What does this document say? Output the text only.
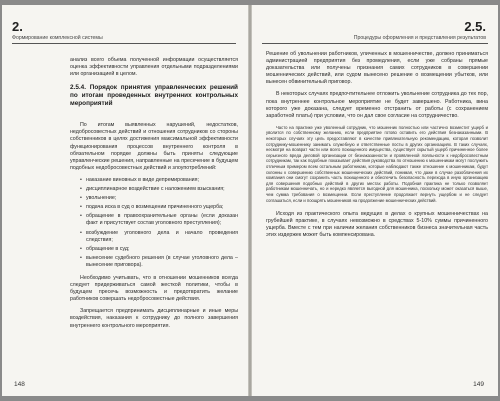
2.
Формирование комплексной системы

анализ всего объема полученной информации осуществляется оценка эффективности управления отдельными подразделениями или организацией в целом.

2.5.4. Порядок принятия управленческих решений по итогам проведенных внутренних контрольных мероприятий

По итогам выявленных нарушений, недостатков, недобросовестных действий и отношения сотрудников со стороны собственников в целях достижения максимальной эффективности функционирования процессов внутреннего контроля в обязательном порядке должны быть приняты следующие управленческие решения, направленные на пресечение в будущем подобных недобросовестных действий и злоупотреблений:

• наказание виновных в виде депремирования;
• дисциплинарное воздействие с наложением взыскания;
• увольнение;
• подача иска в суд о возмещении причиненного ущерба;
• обращение в правоохранительные органы (если доказан факт и присутствует состав уголовного преступления);
• возбуждение уголовного дела и начало проведения следствия;
• обращение в суд;
• вынесение судебного решения (в случае уголовного дела – вынесение приговора).

Необходимо учитывать, что в отношении мошенников всегда следует придерживаться самой жесткой политики, чтобы в будущем пресечь возможность и предотвратить желание работников совершать недобросовестные действия.

Запрещается предпринимать дисциплинарные и иные меры воздействия, наказания к сотруднику до полного завершения внутреннего контрольного мероприятия.

148
2.5.
Процедуры оформления и представления результатов

Решение об увольнении работников, уличенных в мошенничестве, должно приниматься администрацией предприятия без промедления, если уже собраны прямые доказательства или получены признания самих сотрудников в совершении мошеннических действий, или судом вынесено решение о возмещении убытков, или вынесен обвинительный приговор.

В некоторых случаях предпочтительнее отложить увольнение сотрудника до тех пор, пока внутреннее контрольное мероприятие не будет завершено. Работника, вина которого уже доказана, следует временно отстранить от работы (с сохранением заработной платы) при условии, что он дал свое согласие на сотрудничество.

Часто на практике уже уволенный сотрудник, что мошенник полностью или частично возместит ущерб и уволится по собственному желанию, если предприятие готово оставить его действия безнаказанными. В некоторых случаях эту цель предоставляют в качестве привлекательную рекомендацию, которая позволит сотруднику-мошеннику занимать служебную и ответственные посты в других организациях. В таких случаях, несмотря на возврат части или всего похищенного имущества, существует скрытый ущерб причиненное более серьезного вреда деловой организации от безнаказанности и проявленной лояльности к недобросовестным сотрудникам, так как подобные показывает действия руководства по отношению к мошенникам могут послужить отличным примером всем остальным работникам, которые наблюдают также отношение к мошенникам, будут склонны к совершению собственных мошеннических действий, понимая, что даже в случае разоблачения их компания они смогут сохранить часть похищенного и обеспечить безопасность перехода в иную организацию для совершения подобных действий в других местах работы. Подобная практика не только позволяет работникам мошенничать, но и нередко является выгодной для мошенника, поскольку может оказаться выше, чем сумма требования о возмещении. Если преступление продолжает вернуть ущербом и не следует соглашаться, если и поощрять мошенников на продолжение мошеннических действий.

Исходя из практического опыта ведущих в делах о крупных мошенничествах на грубейшей практике, в случаях невозможно в средствах 5-10% суммы причиненного ущерба. Вместе с тем при наличии желания собственников бизнеса значительная часть этих издержек может быть компенсирована.

149
